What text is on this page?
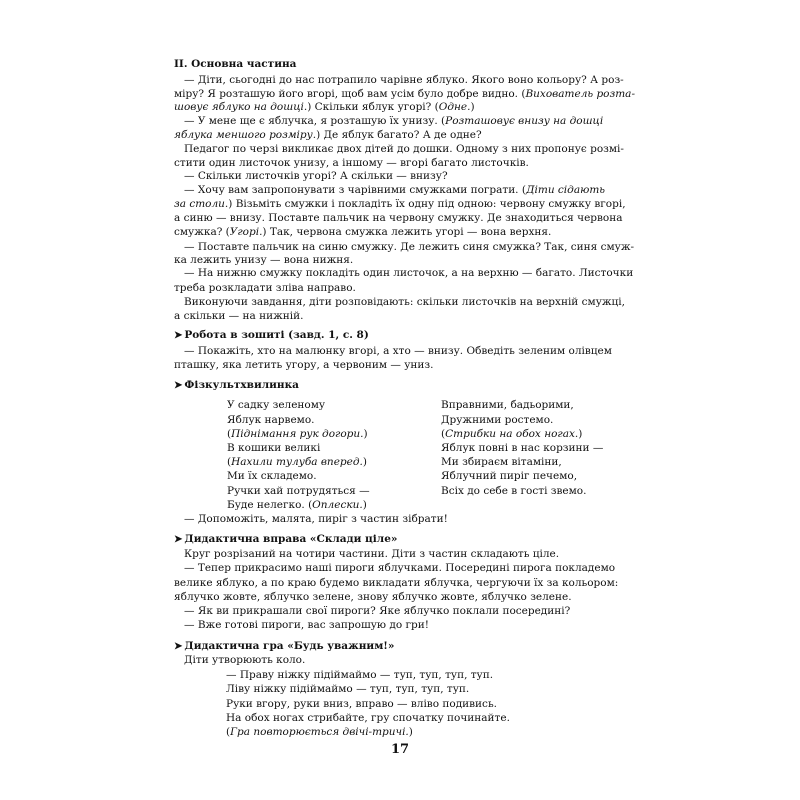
II. Основна частина

— Діти, сьогодні до нас потрапило чарівне яблуко. Якого воно кольору? А роз-

міру? Я розташую його вгорі, щоб вам усім було добре видно. (Вихователь розта-

шовує яблуко на дошці.) Скільки яблук угорі? (Одне.)

— У мене ще є яблучка, я розташую їх унизу. (Розташовує внизу на дошці

яблука меншого розміру.) Де яблук багато? А де одне?

Педагог по черзі викликає двох дітей до дошки. Одному з них пропонує розмі-

стити один листочок унизу, а іншому — вгорі багато листочків.

— Скільки листочків угорі? А скільки — внизу?

— Хочу вам запропонувати з чарівними смужками пограти. (Діти сідають

за столи.) Візьміть смужки і покладіть їх одну під одною: червону смужку вгорі,

а синю — внизу. Поставте пальчик на червону смужку. Де знаходиться червона

смужка? (Угорі.) Так, червона смужка лежить угорі — вона верхня.

— Поставте пальчик на синю смужку. Де лежить синя смужка? Так, синя смуж-

ка лежить унизу — вона нижня.

— На нижню смужку покладіть один листочок, а на верхню — багато. Листочки

треба розкладати зліва направо.

Виконуючи завдання, діти розповідають: скільки листочків на верхній смужці,

а скільки — на нижній.

➤ Робота в зошиті (завд. 1, с. 8)

— Покажіть, хто на малюнку вгорі, а хто — внизу. Обведіть зеленим олівцем

пташку, яка летить угору, а червоним — униз.

➤ Фізкультхвилинка

У садку зеленому

Яблук нарвемо.

(Піднімання рук догори.)

В кошики великі

(Нахили тулуба вперед.)

Ми їх складемо.

Ручки хай потрудяться —

Буде нелегко. (Оплески.)

Вправними, бадьорими,

Дружними ростемо.

(Стрибки на обох ногах.)

Яблук повні в нас корзини —

Ми збираєм вітаміни,

Яблучний пиріг печемо,

Всіх до себе в гості звемо.

— Допоможіть, малята, пиріг з частин зібрати!

➤ Дидактична вправа «Склади ціле»

Круг розрізаний на чотири частини. Діти з частин складають ціле.

— Тепер прикрасимо наші пироги яблучками. Посередині пирога покладемо

велике яблуко, а по краю будемо викладати яблучка, чергуючи їх за кольором:

яблучко жовте, яблучко зелене, знову яблучко жовте, яблучко зелене.

— Як ви прикрашали свої пироги? Яке яблучко поклали посередині?

— Вже готові пироги, вас запрошую до гри!

➤ Дидактична гра «Будь уважним!»

Діти утворюють коло.

— Праву ніжку підіймаймо — туп, туп, туп, туп.

Ліву ніжку підіймаймо — туп, туп, туп, туп.

Руки вгору, руки вниз, вправо — вліво подивись.

На обох ногах стрибайте, гру спочатку починайте.

(Гра повторюється двічі-тричі.)

17
